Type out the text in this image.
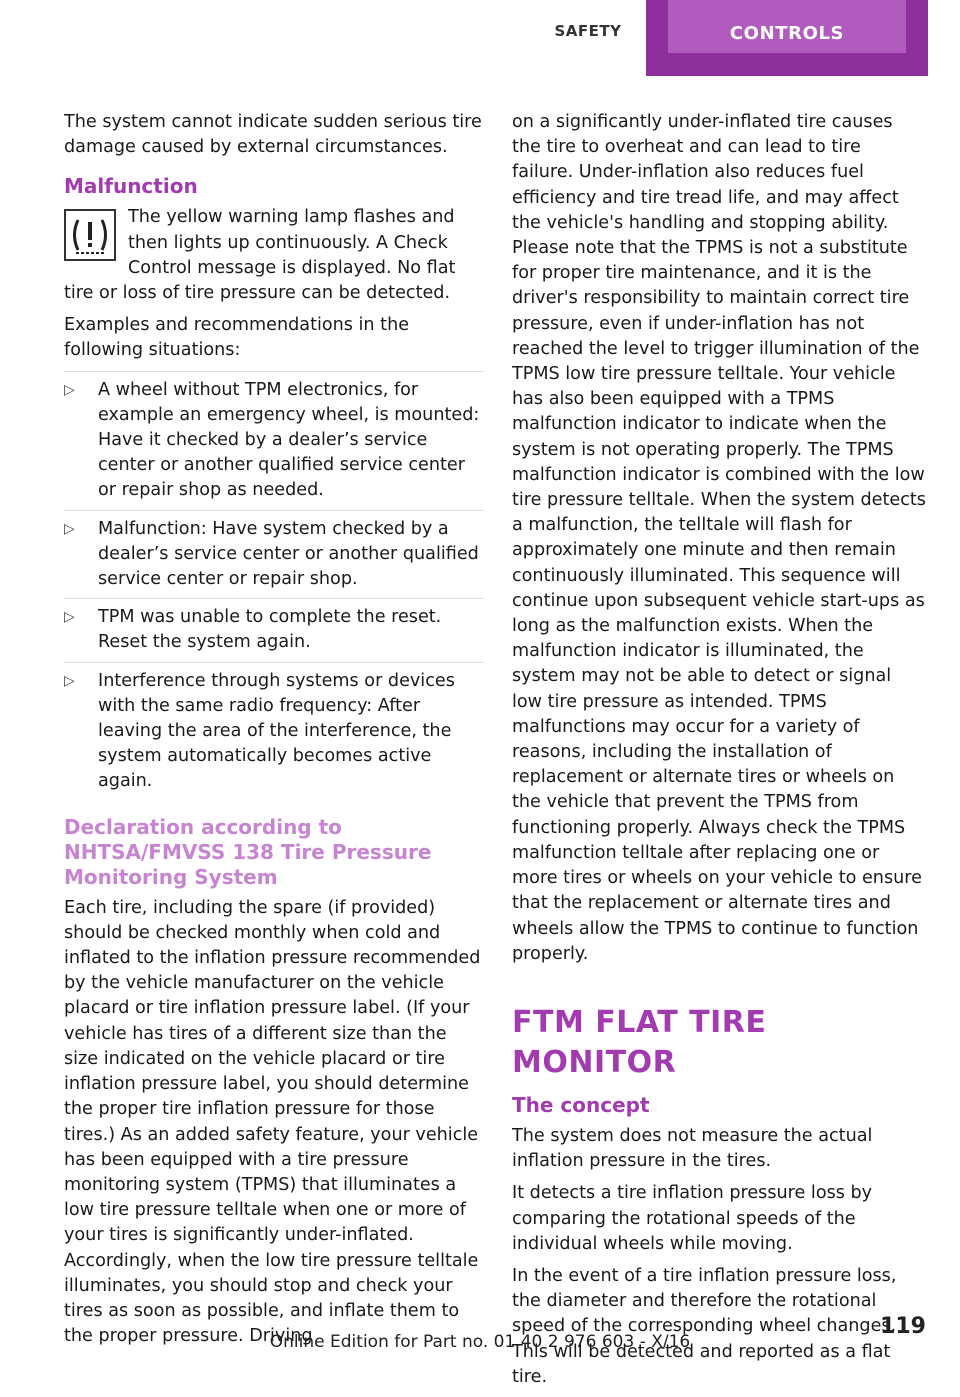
SAFETY	CONTROLS

The system cannot indicate sudden serious tire damage caused by external circumstances.

Malfunction

The yellow warning lamp flashes and then lights up continuously. A Check Control message is displayed. No flat tire or loss of tire pressure can be detected.

Examples and recommendations in the following situations:

▷ A wheel without TPM electronics, for example an emergency wheel, is mounted: Have it checked by a dealer’s service center or another qualified service center or repair shop as needed.
▷ Malfunction: Have system checked by a dealer’s service center or another qualified service center or repair shop.
▷ TPM was unable to complete the reset. Reset the system again.
▷ Interference through systems or devices with the same radio frequency: After leaving the area of the interference, the system automatically becomes active again.
Declaration according to NHTSA/FMVSS 138 Tire Pressure Monitoring System

Each tire, including the spare (if provided) should be checked monthly when cold and inflated to the inflation pressure recommended by the vehicle manufacturer on the vehicle placard or tire inflation pressure label. (If your vehicle has tires of a different size than the size indicated on the vehicle placard or tire inflation pressure label, you should determine the proper tire inflation pressure for those tires.) As an added safety feature, your vehicle has been equipped with a tire pressure monitoring system (TPMS) that illuminates a low tire pressure telltale when one or more of your tires is significantly under-inflated. Accordingly, when the low tire pressure telltale illuminates, you should stop and check your tires as soon as possible, and inflate them to the proper pressure. Driving

on a significantly under-inflated tire causes the tire to overheat and can lead to tire failure. Under-inflation also reduces fuel efficiency and tire tread life, and may affect the vehicle's handling and stopping ability. Please note that the TPMS is not a substitute for proper tire maintenance, and it is the driver's responsibility to maintain correct tire pressure, even if under-inflation has not reached the level to trigger illumination of the TPMS low tire pressure telltale. Your vehicle has also been equipped with a TPMS malfunction indicator to indicate when the system is not operating properly. The TPMS malfunction indicator is combined with the low tire pressure telltale. When the system detects a malfunction, the telltale will flash for approximately one minute and then remain continuously illuminated. This sequence will continue upon subsequent vehicle start-ups as long as the malfunction exists. When the malfunction indicator is illuminated, the system may not be able to detect or signal low tire pressure as intended. TPMS malfunctions may occur for a variety of reasons, including the installation of replacement or alternate tires or wheels on the vehicle that prevent the TPMS from functioning properly. Always check the TPMS malfunction telltale after replacing one or more tires or wheels on your vehicle to ensure that the replacement or alternate tires and wheels allow the TPMS to continue to function properly.

FTM FLAT TIRE MONITOR
The concept

The system does not measure the actual inflation pressure in the tires.

It detects a tire inflation pressure loss by comparing the rotational speeds of the individual wheels while moving.

In the event of a tire inflation pressure loss, the diameter and therefore the rotational speed of the corresponding wheel changes. This will be detected and reported as a flat tire.

Online Edition for Part no. 01 40 2 976 603 - X/16
119
